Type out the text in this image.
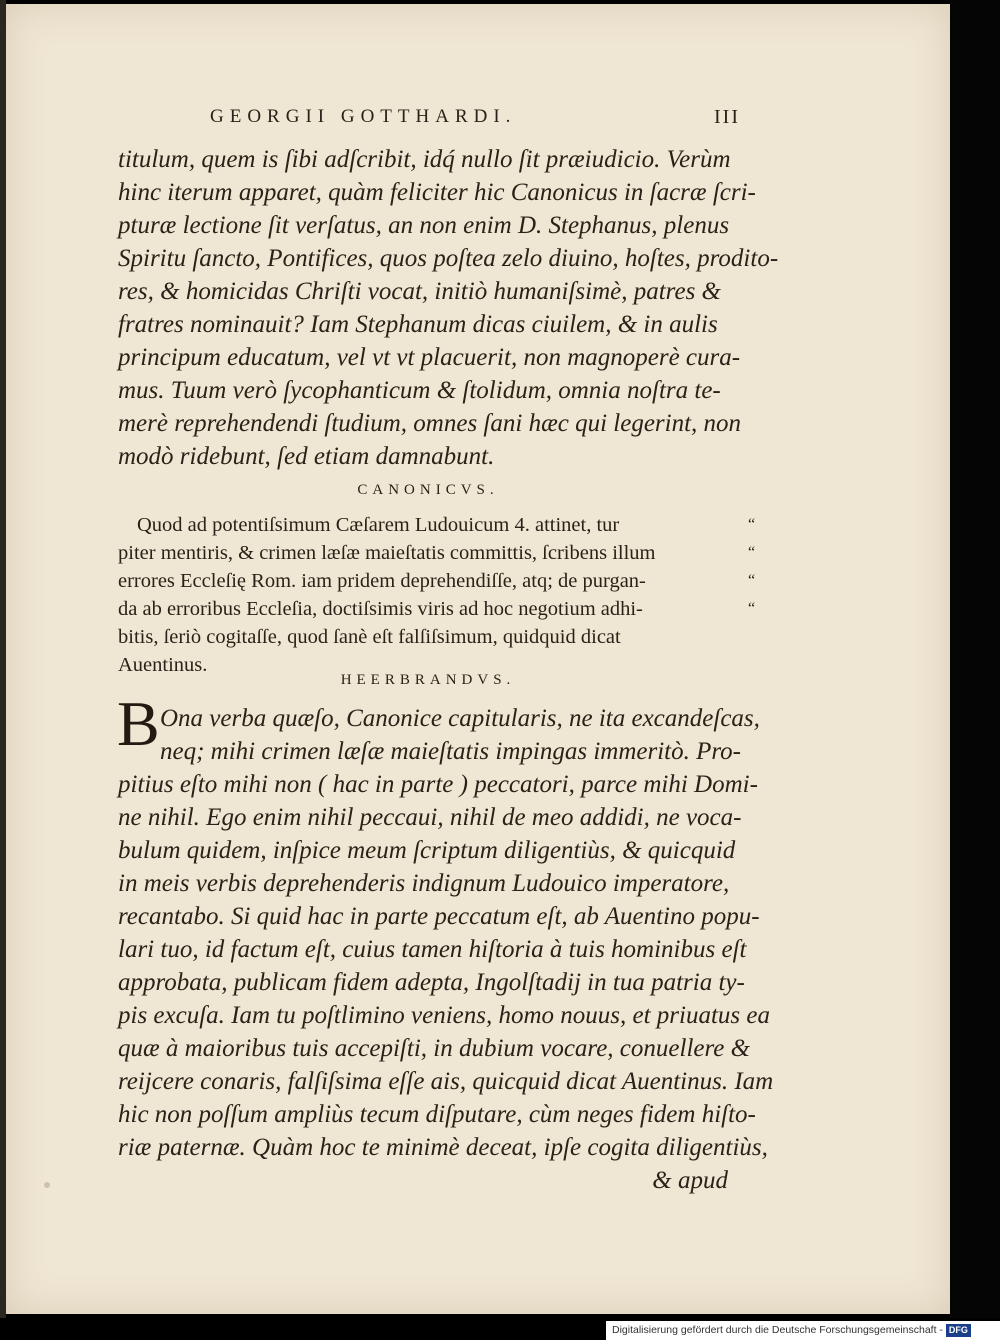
GEORGII GOTTHARDI.	III
titulum, quem is ſibi adſcribit, idq́ nullo ſit præiudicio. Verùm
hinc iterum apparet, quàm feliciter hic Canonicus in ſacræ ſcri-
pturæ lectione ſit verſatus, an non enim D. Stephanus, plenus
Spiritu ſancto, Pontifices, quos poſtea zelo diuino, hoſtes, prodito-
res, & homicidas Chriſti vocat, initiò humaniſsimè, patres &
fratres nominauit? Iam Stephanum dicas ciuilem, & in aulis
principum educatum, vel vt vt placuerit, non magnoperè cura-
mus. Tuum verò ſycophanticum & ſtolidum, omnia noſtra te-
merè reprehendendi ſtudium, omnes ſani hæc qui legerint, non
modò ridebunt, ſed etiam damnabunt.
CANONICVS.
Quod ad potentiſsimum Cæſarem Ludouicum 4. attinet, tur
piter mentiris, & crimen læſæ maieſtatis committis, ſcribens illum
errores Eccleſię Rom. iam pridem deprehendiſſe, atq; de purgan-
da ab erroribus Eccleſia, doctiſsimis viris ad hoc negotium adhi-
bitis, ſeriò cogitaſſe, quod ſanè eſt falſiſsimum, quidquid dicat
Auentinus.
“
“
“
“
HEERBRANDVS.
B Ona verba quæſo, Canonice capitularis, ne ita excandeſcas,
neq; mihi crimen læſæ maieſtatis impingas immeritò. Pro-
pitius eſto mihi non ( hac in parte ) peccatori, parce mihi Domi-
ne nihil. Ego enim nihil peccaui, nihil de meo addidi, ne voca-
bulum quidem, inſpice meum ſcriptum diligentiùs, & quicquid
in meis verbis deprehenderis indignum Ludouico imperatore,
recantabo. Si quid hac in parte peccatum eſt, ab Auentino popu-
lari tuo, id factum eſt, cuius tamen hiſtoria à tuis hominibus eſt
approbata, publicam fidem adepta, Ingolſtadij in tua patria ty-
pis excuſa. Iam tu poſtlimino veniens, homo nouus, et priuatus ea
quæ à maioribus tuis accepiſti, in dubium vocare, conuellere &
reijcere conaris, falſiſsima eſſe ais, quicquid dicat Auentinus. Iam
hic non poſſum ampliùs tecum diſputare, cùm neges fidem hiſto-
riæ paternæ. Quàm hoc te minimè deceat, ipſe cogita diligentiùs,
& apud
Digitalisierung gefördert durch die Deutsche Forschungsgemeinschaft - DFG
